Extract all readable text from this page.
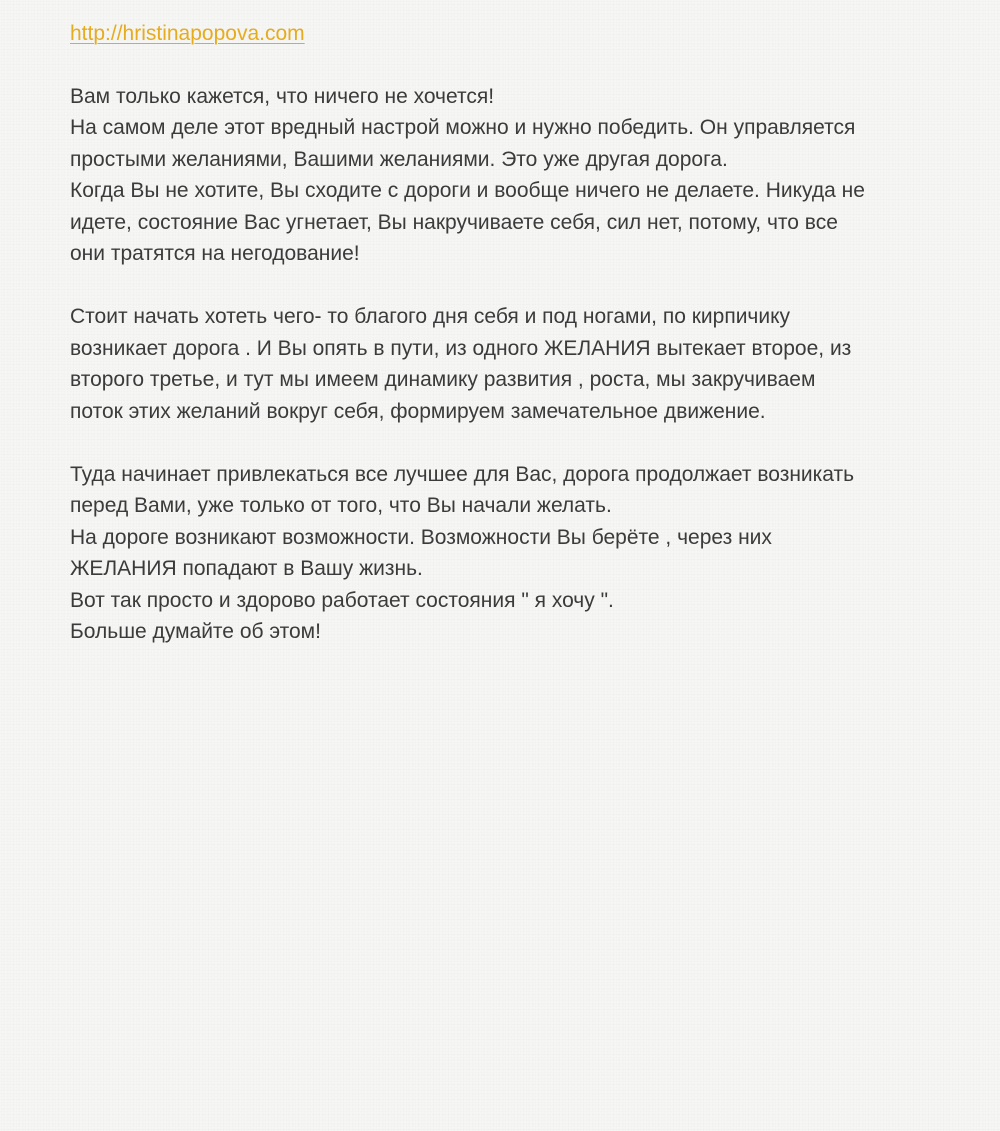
http://hristinapopova.com
Вам только кажется, что ничего не хочется!
На самом деле этот вредный настрой можно и нужно победить. Он управляется
простыми желаниями, Вашими желаниями. Это уже другая дорога.
Когда Вы не хотите, Вы сходите с дороги и вообще ничего не делаете. Никуда не
идете, состояние Вас угнетает, Вы накручиваете себя, сил нет, потому, что все
они тратятся на негодование!
Стоит начать хотеть чего- то благого дня себя и под ногами, по кирпичику
возникает дорога . И Вы опять в пути, из одного ЖЕЛАНИЯ вытекает второе, из
второго третье, и тут мы имеем динамику развития , роста, мы закручиваем
поток этих желаний вокруг себя, формируем замечательное движение.
Туда начинает привлекаться все лучшее для Вас, дорога продолжает возникать
перед Вами, уже только от того, что Вы начали желать.
На дороге возникают возможности. Возможности Вы берёте , через них
ЖЕЛАНИЯ попадают в Вашу жизнь.
Вот так просто и здорово работает состояния " я хочу ".
Больше думайте об этом!
